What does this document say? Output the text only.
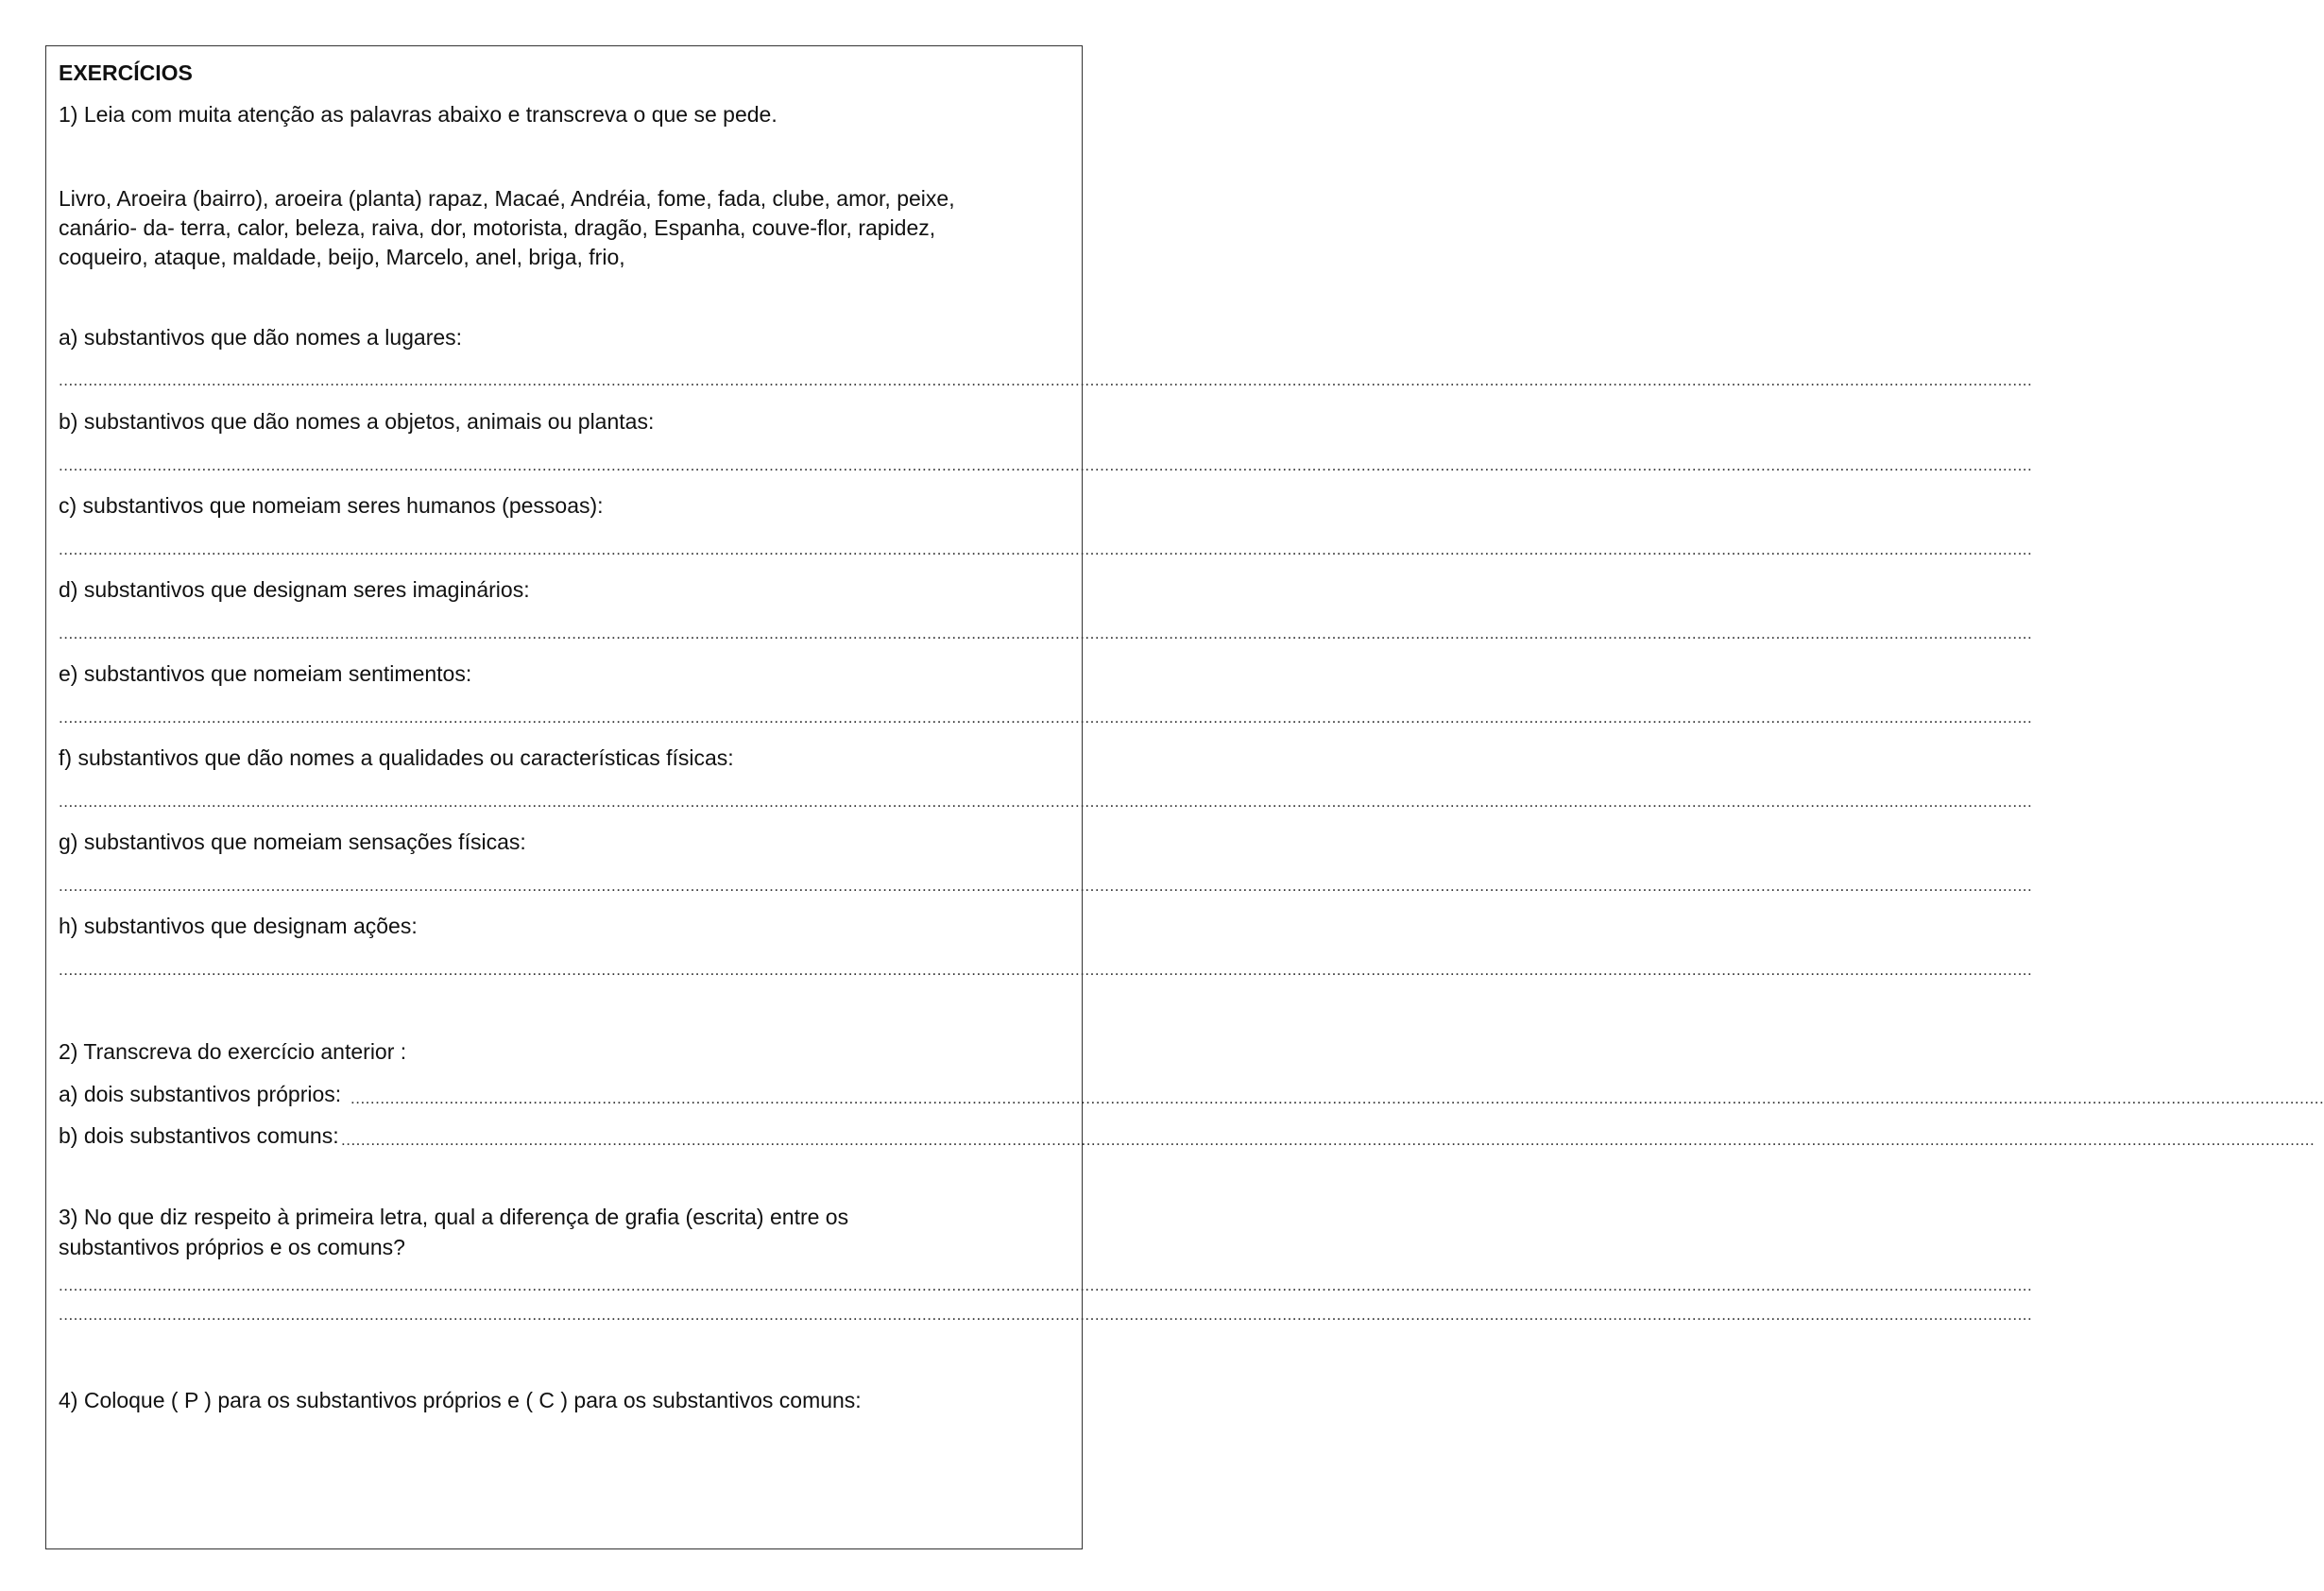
EXERCÍCIOS

1) Leia com muita atenção as palavras abaixo e transcreva o que se pede.

Livro, Aroeira (bairro), aroeira (planta) rapaz, Macaé, Andréia, fome, fada, clube, amor, peixe,

canário- da- terra, calor, beleza, raiva, dor, motorista, dragão, Espanha, couve-flor, rapidez,

coqueiro, ataque, maldade, beijo, Marcelo, anel, briga, frio,

a) substantivos que dão nomes a lugares:

................................................................................................................................................................................................................................................................................................................................................................................................................

b) substantivos que dão nomes a objetos, animais ou plantas:

................................................................................................................................................................................................................................................................................................................................................................................................................

c) substantivos que nomeiam seres humanos (pessoas):

................................................................................................................................................................................................................................................................................................................................................................................................................

d) substantivos que designam seres imaginários:

................................................................................................................................................................................................................................................................................................................................................................................................................

e) substantivos que nomeiam sentimentos:

................................................................................................................................................................................................................................................................................................................................................................................................................

f) substantivos que dão nomes a qualidades ou características físicas:

................................................................................................................................................................................................................................................................................................................................................................................................................

g) substantivos que nomeiam sensações físicas:

................................................................................................................................................................................................................................................................................................................................................................................................................

h) substantivos que designam ações:

................................................................................................................................................................................................................................................................................................................................................................................................................

2) Transcreva do exercício anterior :

a) dois substantivos próprios: ................................................................................................................................................................................................................................................................................................................................................................................................................

b) dois substantivos comuns: ................................................................................................................................................................................................................................................................................................................................................................................................................

3) No que diz respeito à primeira letra, qual a diferença de grafia (escrita) entre os

substantivos próprios e os comuns?

................................................................................................................................................................................................................................................................................................................................................................................................................
................................................................................................................................................................................................................................................................................................................................................................................................................

4) Coloque ( P ) para os substantivos próprios e ( C ) para os substantivos comuns:
